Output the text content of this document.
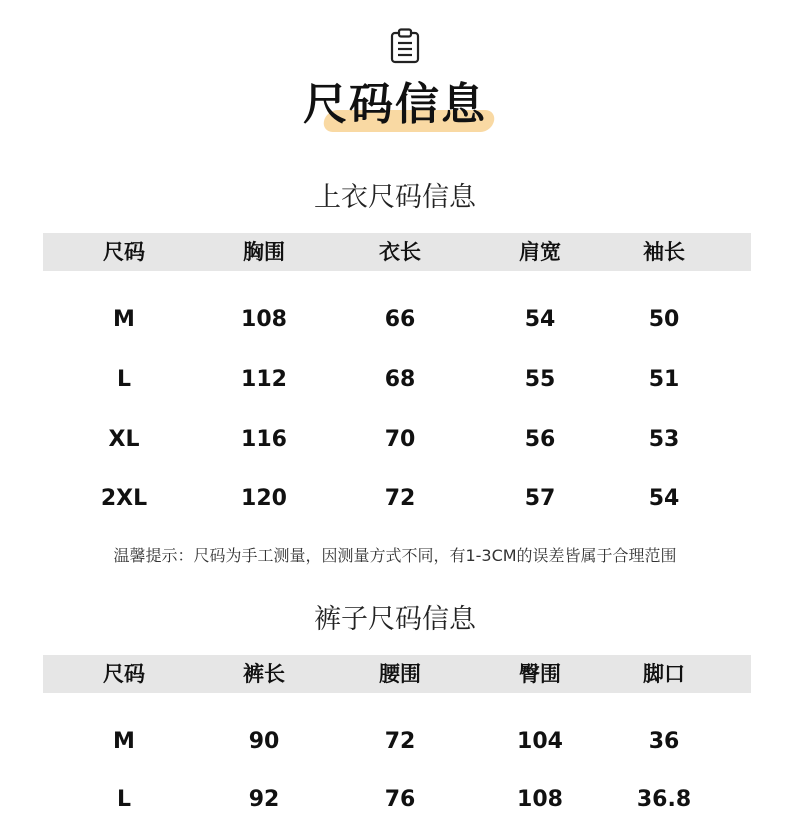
尺码信息
上衣尺码信息
尺码	胸围	衣长	肩宽	袖长
M	108	66	54	50
L	112	68	55	51
XL	116	70	56	53
2XL	120	72	57	54
温馨提示：尺码为手工测量，因测量方式不同，有1-3CM的误差皆属于合理范围
裤子尺码信息
尺码	裤长	腰围	臀围	脚口
M	90	72	104	36
L	92	76	108	36.8
